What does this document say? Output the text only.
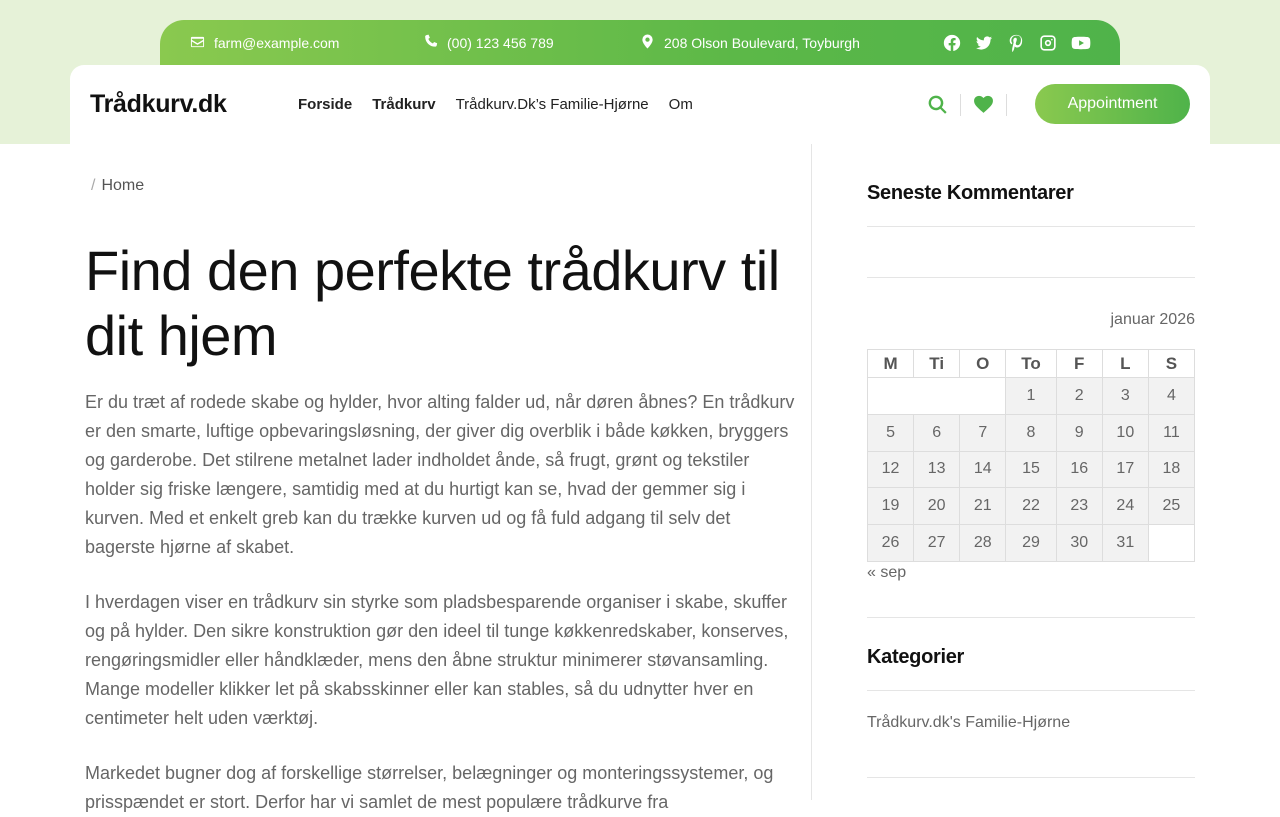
farm@example.com	(00) 123 456 789	208 Olson Boulevard, Toyburgh
Trådkurv.dk	Forside Trådkurv Trådkurv.Dk’s Familie-Hjørne Om	Appointment
/ Home
Find den perfekte trådkurv til dit hjem

Er du træt af rodede skabe og hylder, hvor alting falder ud, når døren åbnes? En trådkurv er den smarte, luftige opbevaringsløsning, der giver dig overblik i både køkken, bryggers og garderobe. Det stilrene metalnet lader indholdet ånde, så frugt, grønt og tekstiler holder sig friske længere, samtidig med at du hurtigt kan se, hvad der gemmer sig i kurven. Med et enkelt greb kan du trække kurven ud og få fuld adgang til selv det bagerste hjørne af skabet.

I hverdagen viser en trådkurv sin styrke som pladsbesparende organiser i skabe, skuffer og på hylder. Den sikre konstruktion gør den ideel til tunge køkkenredskaber, konserves, rengøringsmidler eller håndklæder, mens den åbne struktur minimerer støvansamling. Mange modeller klikker let på skabsskinner eller kan stables, så du udnytter hver en centimeter helt uden værktøj.

Markedet bugner dog af forskellige størrelser, belægninger og monteringssystemer, og prisspændet er stort. Derfor har vi samlet de mest populære trådkurve fra

Seneste Kommentarer
januar 2026
M	Ti	O	To	F	L	S
			1	2	3	4
5	6	7	8	9	10	11
12	13	14	15	16	17	18
19	20	21	22	23	24	25
26	27	28	29	30	31	
« sep
Kategorier
Trådkurv.dk's Familie-Hjørne
